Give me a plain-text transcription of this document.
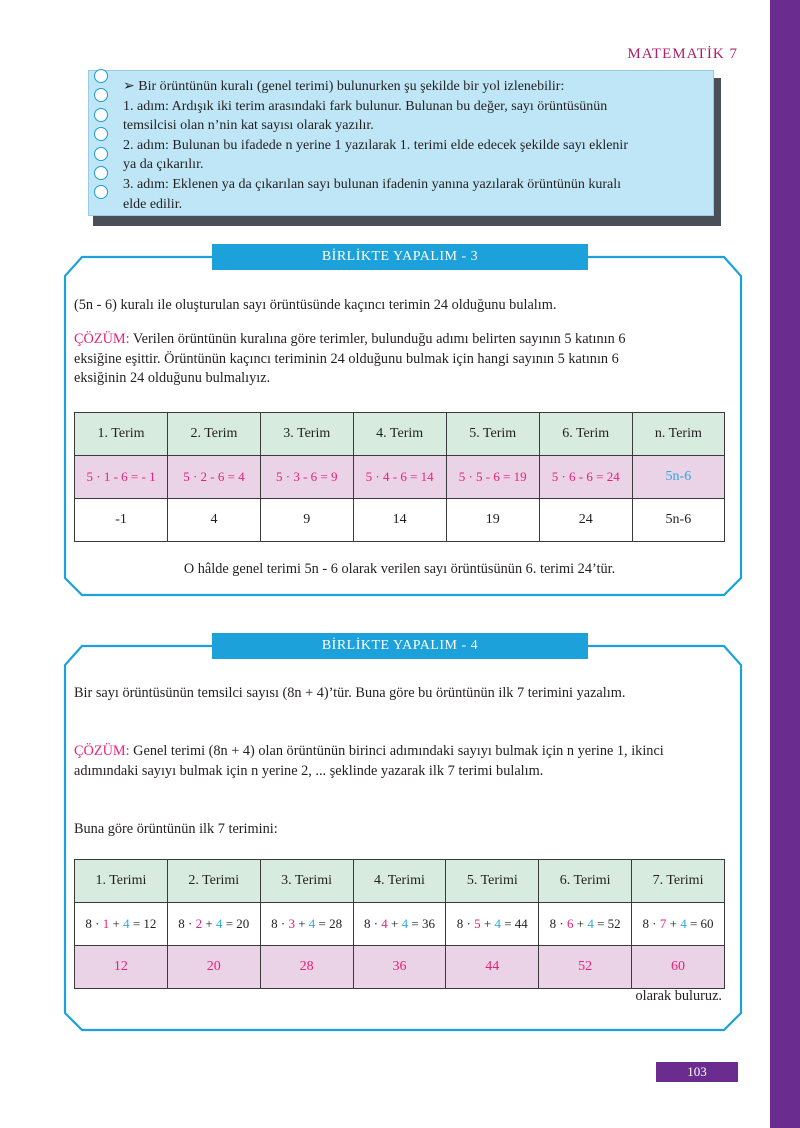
MATEMATİK 7
➢ Bir örüntünün kuralı (genel terimi) bulunurken şu şekilde bir yol izlenebilir:
1. adım: Ardışık iki terim arasındaki fark bulunur. Bulunan bu değer, sayı örüntüsünün
temsilcisi olan n’nin kat sayısı olarak yazılır.
2. adım: Bulunan bu ifadede n yerine 1 yazılarak 1. terimi elde edecek şekilde sayı eklenir
ya da çıkarılır.
3. adım: Eklenen ya da çıkarılan sayı bulunan ifadenin yanına yazılarak örüntünün kuralı
elde edilir.
BİRLİKTE YAPALIM - 3
(5n - 6) kuralı ile oluşturulan sayı örüntüsünde kaçıncı terimin 24 olduğunu bulalım.
ÇÖZÜM: Verilen örüntünün kuralına göre terimler, bulunduğu adımı belirten sayının 5 katının 6
eksiğine eşittir. Örüntünün kaçıncı teriminin 24 olduğunu bulmak için hangi sayının 5 katının 6
eksiğinin 24 olduğunu bulmalıyız.
1. Terim	2. Terim	3. Terim	4. Terim	5. Terim	6. Terim	n. Terim
5 · 1 - 6 = - 1	5 · 2 - 6 = 4	5 · 3 - 6 = 9	5 · 4 - 6 = 14	5 · 5 - 6 = 19	5 · 6 - 6 = 24	5n-6
-1	4	9	14	19	24	5n-6
O hâlde genel terimi 5n - 6 olarak verilen sayı örüntüsünün 6. terimi 24’tür.
BİRLİKTE YAPALIM - 4
Bir sayı örüntüsünün temsilci sayısı (8n + 4)’tür. Buna göre bu örüntünün ilk 7 terimini yazalım.
ÇÖZÜM: Genel terimi (8n + 4) olan örüntünün birinci adımındaki sayıyı bulmak için n yerine 1, ikinci
adımındaki sayıyı bulmak için n yerine 2, ... şeklinde yazarak ilk 7 terimi bulalım.
Buna göre örüntünün ilk 7 terimini:
1. Terimi	2. Terimi	3. Terimi	4. Terimi	5. Terimi	6. Terimi	7. Terimi
8 · 1 + 4 = 12	8 · 2 + 4 = 20	8 · 3 + 4 = 28	8 · 4 + 4 = 36	8 · 5 + 4 = 44	8 · 6 + 4 = 52	8 · 7 + 4 = 60
12	20	28	36	44	52	60
olarak buluruz.
103
